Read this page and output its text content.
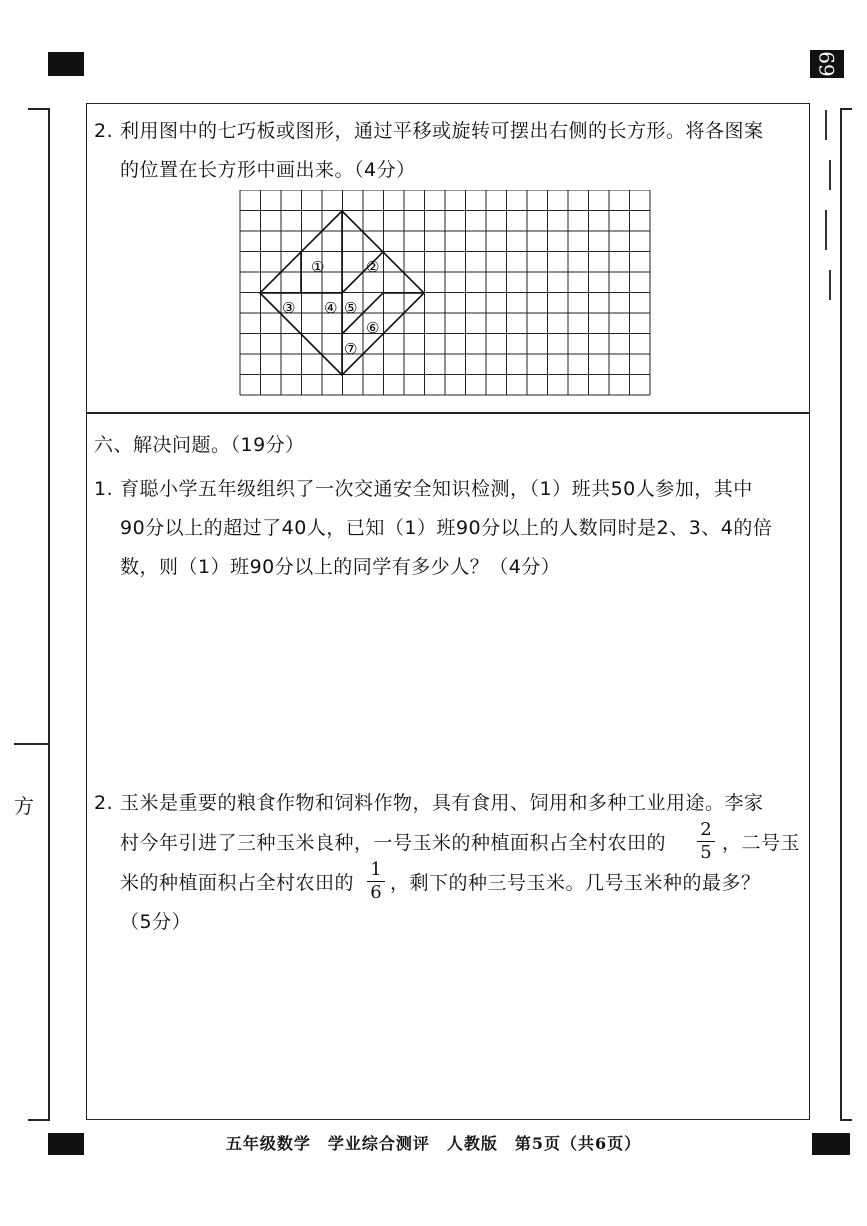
69
方
2. 利用图中的七巧板或图形，通过平移或旋转可摆出右侧的长方形。将各图案
的位置在长方形中画出来。（4分）
①	②
③ ④ ⑤
⑥
⑦
六、解决问题。（19分）
1. 育聪小学五年级组织了一次交通安全知识检测，（1）班共50人参加，其中
90分以上的超过了40人，已知（1）班90分以上的人数同时是2、3、4的倍
数，则（1）班90分以上的同学有多少人？（4分）
2. 玉米是重要的粮食作物和饲料作物，具有食用、饲用和多种工业用途。李家
村今年引进了三种玉米良种，一号玉米的种植面积占全村农田的
2
5 ，二号玉
米的种植面积占全村农田的
1
6 ，剩下的种三号玉米。几号玉米种的最多？
（5分）
五年级数学　学业综合测评　人教版　第5页（共6页）
